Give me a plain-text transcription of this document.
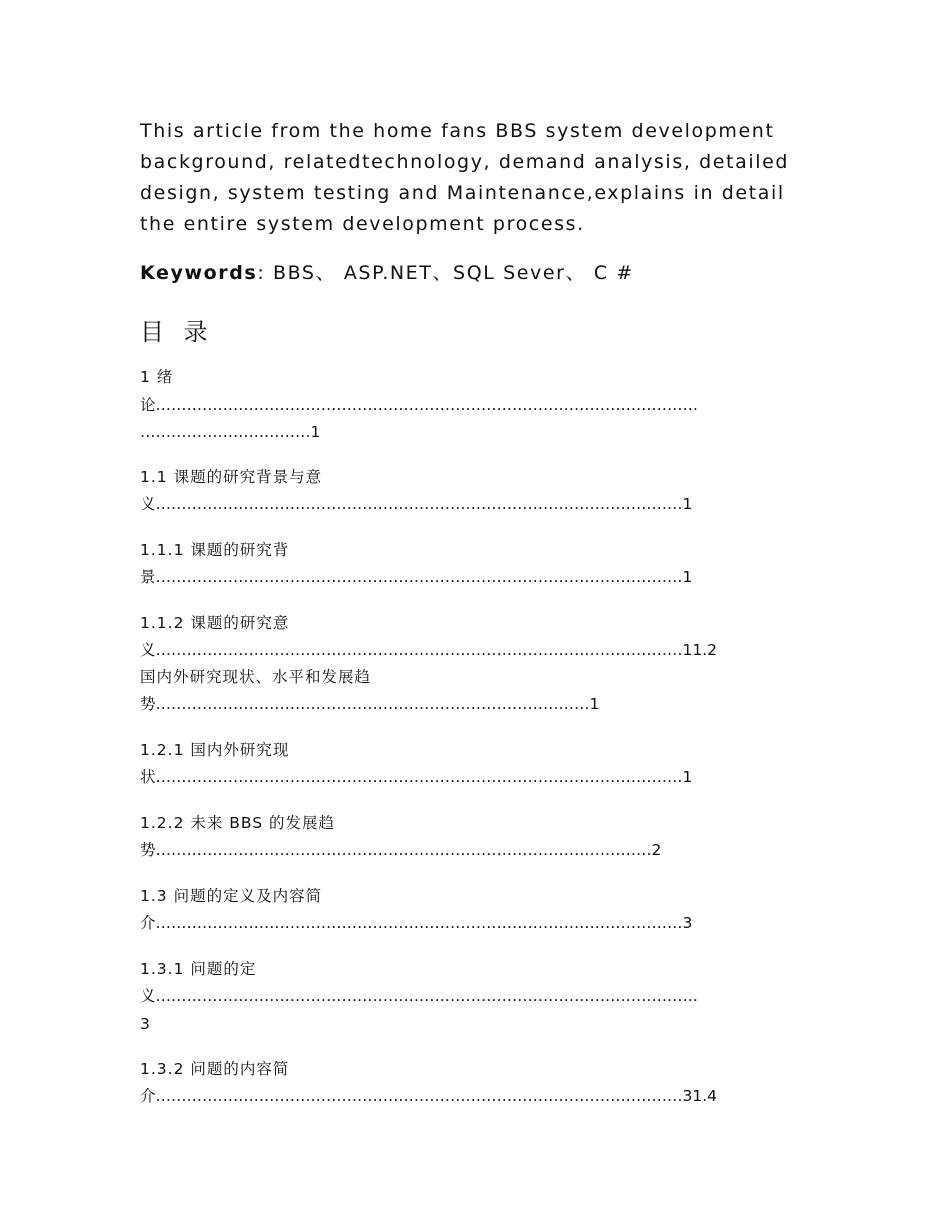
This article from the home fans BBS system development
background, relatedtechnology, demand analysis, detailed
design, system testing and Maintenance,explains in detail
the entire system development process.

Keywords: BBS、 ASP.NET、SQL Sever、 C #

目 录
1 绪
论……………………………………………………………………………………………
……………………………1
1.1 课题的研究背景与意
义…………………………………………………………………………………………1
1.1.1 课题的研究背
景…………………………………………………………………………………………1
1.1.2 课题的研究意
义…………………………………………………………………………………………11.2
国内外研究现状、水平和发展趋
势…………………………………………………………………………1
1.2.1 国内外研究现
状…………………………………………………………………………………………1
1.2.2 未来 BBS 的发展趋
势……………………………………………………………………………………2
1.3 问题的定义及内容简
介…………………………………………………………………………………………3
1.3.1 问题的定
义……………………………………………………………………………………………
3
1.3.2 问题的内容简
介…………………………………………………………………………………………31.4
